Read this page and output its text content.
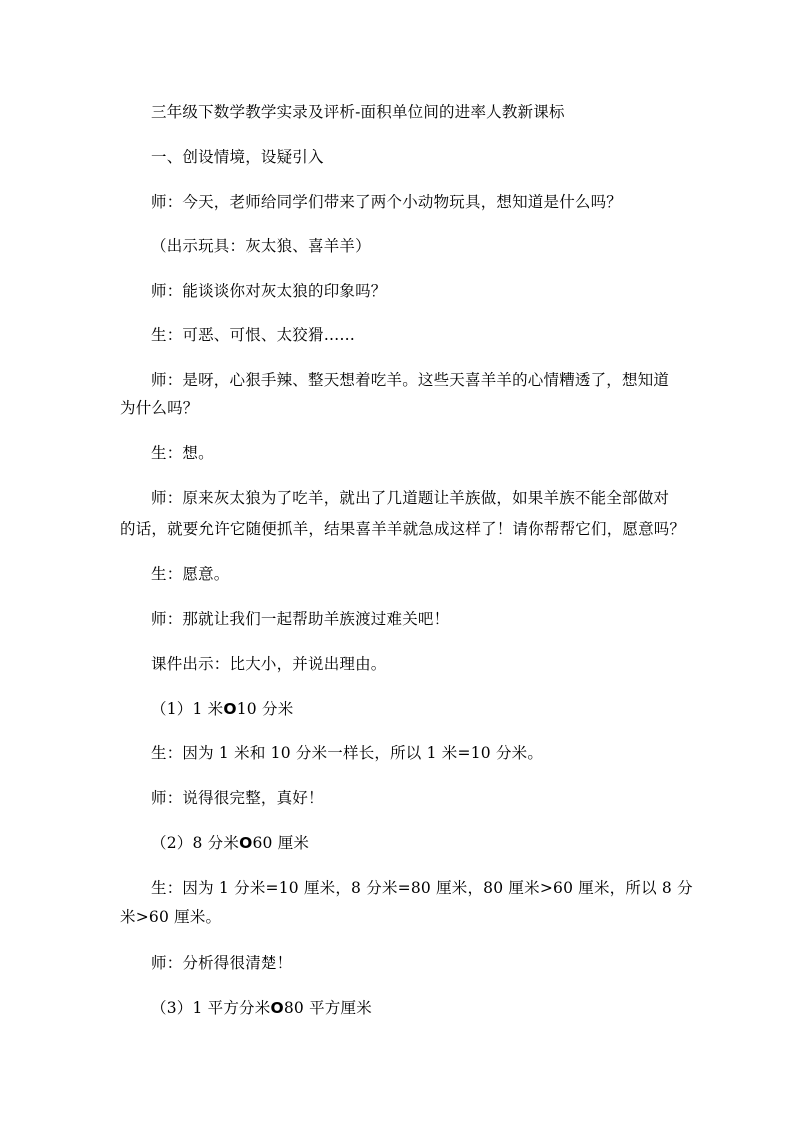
三年级下数学教学实录及评析-面积单位间的进率人教新课标
一、创设情境，设疑引入
师：今天，老师给同学们带来了两个小动物玩具，想知道是什么吗？
（出示玩具：灰太狼、喜羊羊）
师：能谈谈你对灰太狼的印象吗？
生：可恶、可恨、太狡猾……
师：是呀，心狠手辣、整天想着吃羊。这些天喜羊羊的心情糟透了，想知道
为什么吗？
生：想。
师：原来灰太狼为了吃羊，就出了几道题让羊族做，如果羊族不能全部做对
的话，就要允许它随便抓羊，结果喜羊羊就急成这样了！请你帮帮它们，愿意吗？
生：愿意。
师：那就让我们一起帮助羊族渡过难关吧！
课件出示：比大小，并说出理由。
（1）1 米O10 分米
生：因为 1 米和 10 分米一样长，所以 1 米=10 分米。
师：说得很完整，真好！
（2）8 分米O60 厘米
生：因为 1 分米=10 厘米，8 分米=80 厘米，80 厘米>60 厘米，所以 8 分
米>60 厘米。
师：分析得很清楚！
（3）1 平方分米O80 平方厘米
